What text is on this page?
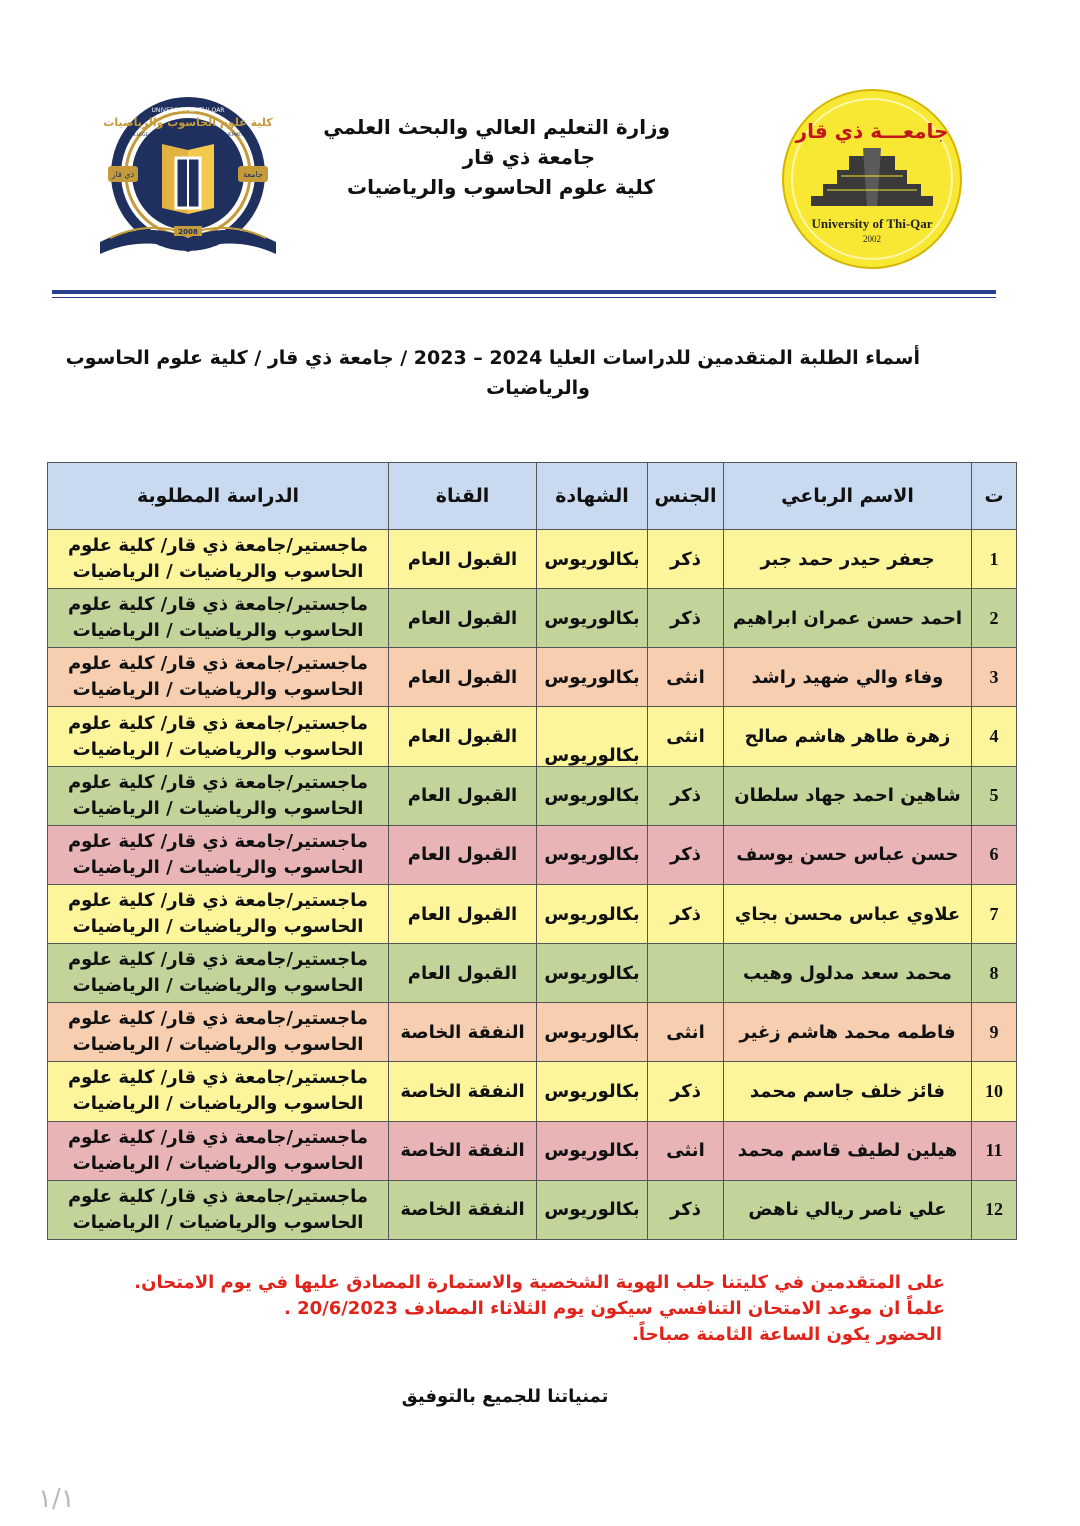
جامعـــة ذي قار
University of Thi-Qar
2002
UNIVERSITY OF THI-QAR
كلية علوم الحاسوب والرياضيات
COLLEGE OF COMPUTER SCIENCE AND MATHEMATICS
2008
ذي قار	جامعة
وزارة التعليم العالي والبحث العلمي
جامعة ذي قار
كلية علوم الحاسوب والرياضيات
أسماء الطلبة المتقدمين للدراسات العليا 2024 – 2023 / جامعة ذي قار / كلية علوم الحاسوب
والرياضيات
ت	الاسم الرباعي	الجنس	الشهادة	القناة	الدراسة المطلوبة
1	جعفر حيدر حمد جبر	ذكر	بكالوريوس	القبول العام	ماجستير/جامعة ذي قار/ كلية علوم
الحاسوب والرياضيات / الرياضيات

2	احمد حسن عمران ابراهيم	ذكر	بكالوريوس	القبول العام	ماجستير/جامعة ذي قار/ كلية علوم
الحاسوب والرياضيات / الرياضيات

3	وفاء والي ضهيد راشد	انثى	بكالوريوس	القبول العام	ماجستير/جامعة ذي قار/ كلية علوم
الحاسوب والرياضيات / الرياضيات

4	زهرة طاهر هاشم صالح	انثى	بكالوريوس	القبول العام	ماجستير/جامعة ذي قار/ كلية علوم
الحاسوب والرياضيات / الرياضيات

5	شاهين احمد جهاد سلطان	ذكر	بكالوريوس	القبول العام	ماجستير/جامعة ذي قار/ كلية علوم
الحاسوب والرياضيات / الرياضيات

6	حسن عباس حسن يوسف	ذكر	بكالوريوس	القبول العام	ماجستير/جامعة ذي قار/ كلية علوم
الحاسوب والرياضيات / الرياضيات

7	علاوي عباس محسن بجاي	ذكر	بكالوريوس	القبول العام	ماجستير/جامعة ذي قار/ كلية علوم
الحاسوب والرياضيات / الرياضيات

8	محمد سعد مدلول وهيب		بكالوريوس	القبول العام	ماجستير/جامعة ذي قار/ كلية علوم
الحاسوب والرياضيات / الرياضيات

9	فاطمه محمد هاشم زغير	انثى	بكالوريوس	النفقة الخاصة	ماجستير/جامعة ذي قار/ كلية علوم
الحاسوب والرياضيات / الرياضيات

10	فائز خلف جاسم محمد	ذكر	بكالوريوس	النفقة الخاصة	ماجستير/جامعة ذي قار/ كلية علوم
الحاسوب والرياضيات / الرياضيات

11	هيلين لطيف قاسم محمد	انثى	بكالوريوس	النفقة الخاصة	ماجستير/جامعة ذي قار/ كلية علوم
الحاسوب والرياضيات / الرياضيات

12	علي ناصر ريالي ناهض	ذكر	بكالوريوس	النفقة الخاصة	ماجستير/جامعة ذي قار/ كلية علوم
الحاسوب والرياضيات / الرياضيات
على المتقدمين في كليتنا جلب الهوية الشخصية والاستمارة المصادق عليها في يوم الامتحان.
علماً ان موعد الامتحان التنافسي سيكون يوم الثلاثاء المصادف 20/6/2023 .
الحضور يكون الساعة الثامنة صباحاً.
تمنياتنا للجميع بالتوفيق
١/١
